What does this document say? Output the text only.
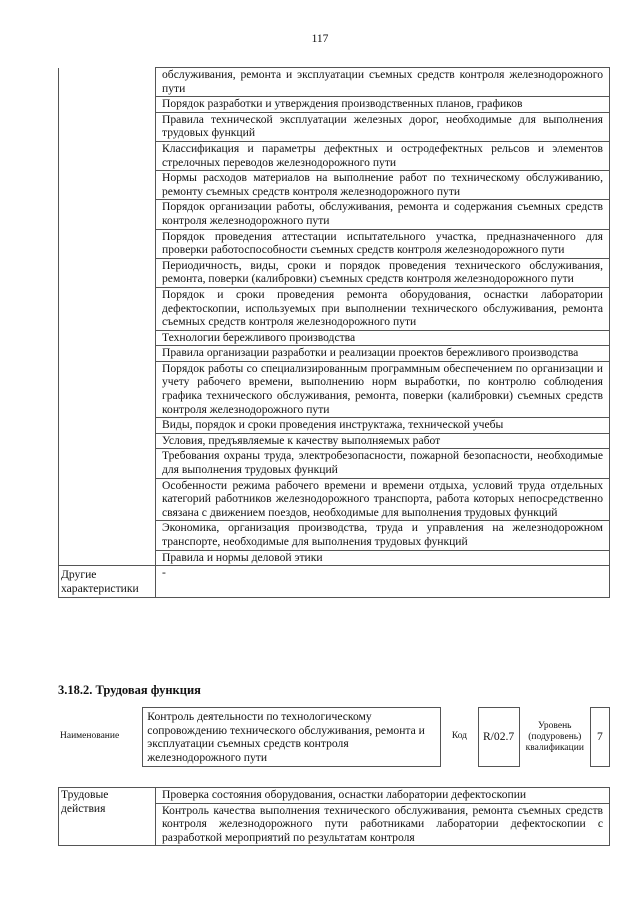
117
	обслуживания, ремонта и эксплуатации съемных средств контроля железнодорожного пути
	Порядок разработки и утверждения производственных планов, графиков
	Правила технической эксплуатации железных дорог, необходимые для выполнения трудовых функций
	Классификация и параметры дефектных и остродефектных рельсов и элементов стрелочных переводов железнодорожного пути
	Нормы расходов материалов на выполнение работ по техническому обслуживанию, ремонту съемных средств контроля железнодорожного пути
	Порядок организации работы, обслуживания, ремонта и содержания съемных средств контроля железнодорожного пути
	Порядок проведения аттестации испытательного участка, предназначенного для проверки работоспособности съемных средств контроля железнодорожного пути
	Периодичность, виды, сроки и порядок проведения технического обслуживания, ремонта, поверки (калибровки) съемных средств контроля железнодорожного пути
	Порядок и сроки проведения ремонта оборудования, оснастки лаборатории дефектоскопии, используемых при выполнении технического обслуживания, ремонта съемных средств контроля железнодорожного пути
	Технологии бережливого производства
	Правила организации разработки и реализации проектов бережливого производства
	Порядок работы со специализированным программным обеспечением по организации и учету рабочего времени, выполнению норм выработки, по контролю соблюдения графика технического обслуживания, ремонта, поверки (калибровки) съемных средств контроля железнодорожного пути
	Виды, порядок и сроки проведения инструктажа, технической учебы
	Условия, предъявляемые к качеству выполняемых работ
	Требования охраны труда, электробезопасности, пожарной безопасности, необходимые для выполнения трудовых функций
	Особенности режима рабочего времени и времени отдыха, условий труда отдельных категорий работников железнодорожного транспорта, работа которых непосредственно связана с движением поездов, необходимые для выполнения трудовых функций
	Экономика, организация производства, труда и управления на железнодорожном транспорте, необходимые для выполнения трудовых функций
	Правила и нормы деловой этики
Другие характеристики	-
3.18.2. Трудовая функция
Наименование	Контроль деятельности по технологическому сопровождению технического обслуживания, ремонта и эксплуатации съемных средств контроля железнодорожного пути	Код	R/02.7	Уровень (подуровень) квалификации	7
Трудовые действия	Проверка состояния оборудования, оснастки лаборатории дефектоскопии
Контроль качества выполнения технического обслуживания, ремонта съемных средств контроля железнодорожного пути работниками лаборатории дефектоскопии с разработкой мероприятий по результатам контроля
